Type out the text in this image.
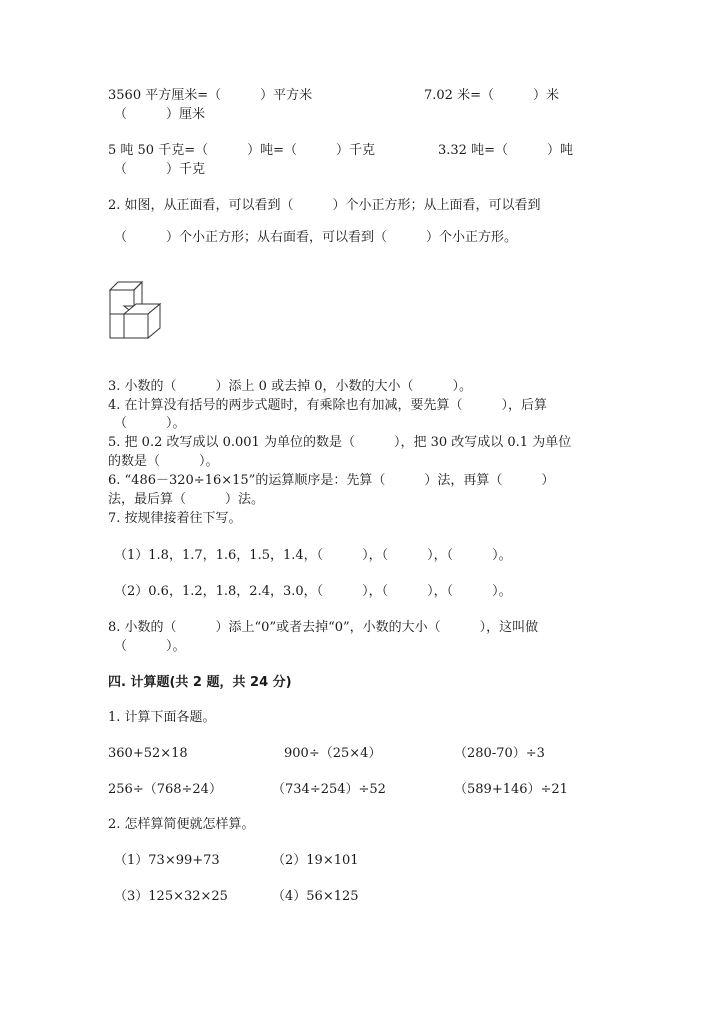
3560 平方厘米=（　　　）平方米	7.02 米=（　　　）米
（　　　）厘米
5 吨 50 千克=（　　　）吨=（　　　）千克	3.32 吨=（　　　）吨
（　　　）千克
2. 如图，从正面看，可以看到（　　　）个小正方形；从上面看，可以看到
（　　　）个小正方形；从右面看，可以看到（　　　）个小正方形。
3. 小数的（　　　）添上 0 或去掉 0，小数的大小（　　　）。
4. 在计算没有括号的两步式题时，有乘除也有加减，要先算（　　　），后算
（　　　）。
5. 把 0.2 改写成以 0.001 为单位的数是（　　　），把 30 改写成以 0.1 为单位
的数是（　　　）。
6. “486－320÷16×15”的运算顺序是：先算（　　　）法，再算（　　　）
法，最后算（　　　）法。
7. 按规律接着往下写。
（1）1.8，1.7，1.6，1.5，1.4，（　　　），（　　　），（　　　）。
（2）0.6，1.2，1.8，2.4，3.0，（　　　），（　　　），（　　　）。
8. 小数的（　　　）添上“0”或者去掉“0”，小数的大小（　　　），这叫做
（　　　）。
四. 计算题(共 2 题，共 24 分)
1. 计算下面各题。
360+52×18	900÷（25×4）	（280-70）÷3
256÷（768÷24）	（734÷254）÷52	（589+146）÷21
2. 怎样算简便就怎样算。
（1）73×99+73	（2）19×101
（3）125×32×25	（4）56×125
